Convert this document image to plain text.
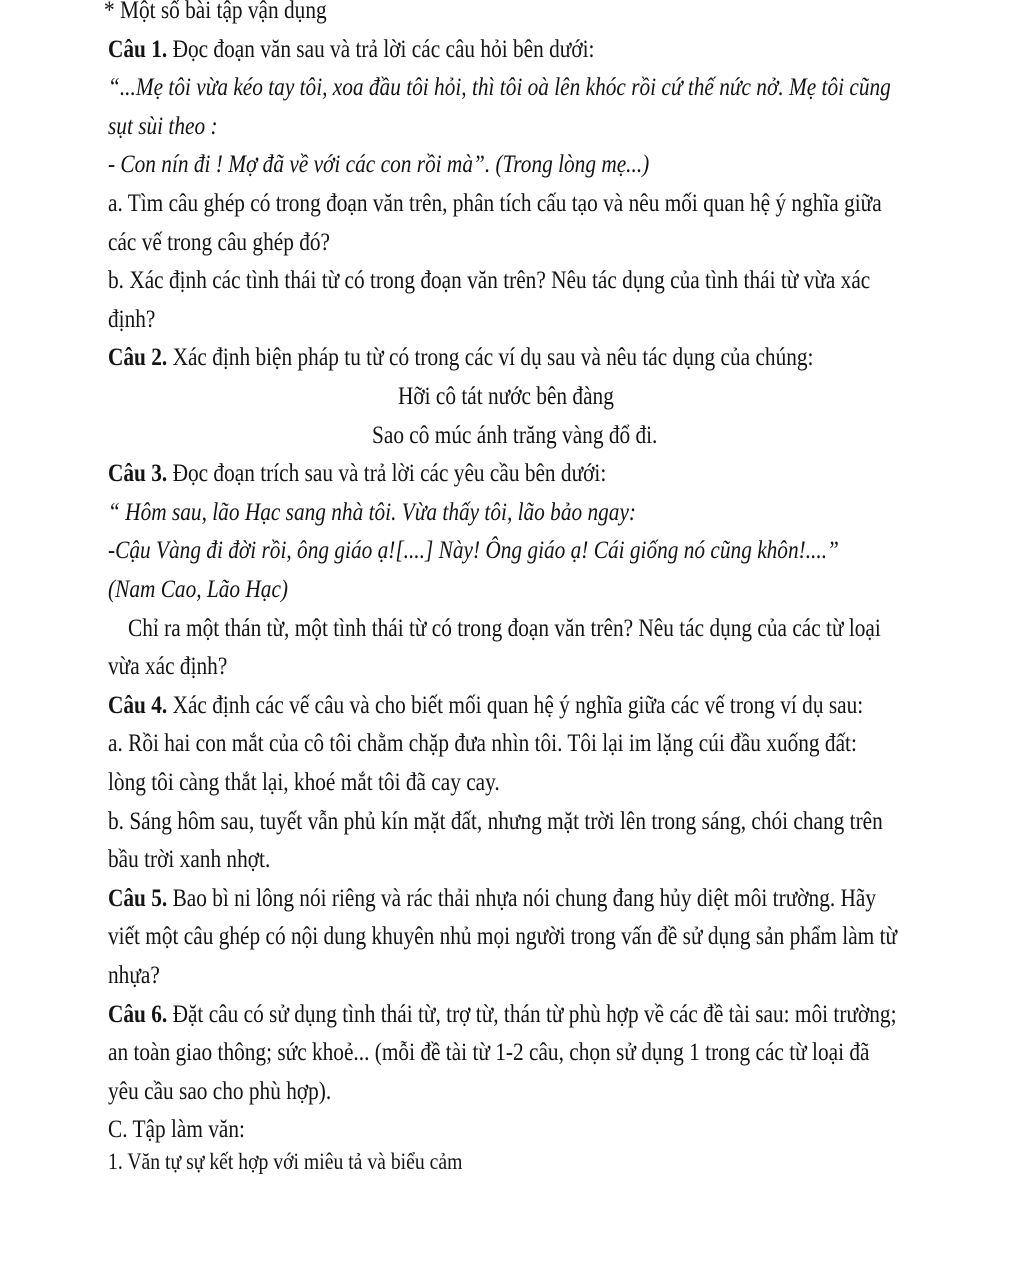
* Một số bài tập vận dụng
Câu 1. Đọc đoạn văn sau và trả lời các câu hỏi bên dưới:
“...Mẹ tôi vừa kéo tay tôi, xoa đầu tôi hỏi, thì tôi oà lên khóc rồi cứ thế nức nở. Mẹ tôi cũng
sụt sùi theo :
- Con nín đi ! Mợ đã về với các con rồi mà”. (Trong lòng mẹ...)
a. Tìm câu ghép có trong đoạn văn trên, phân tích cấu tạo và nêu mối quan hệ ý nghĩa giữa
các vế trong câu ghép đó?
b. Xác định các tình thái từ có trong đoạn văn trên? Nêu tác dụng của tình thái từ vừa xác
định?
Câu 2. Xác định biện pháp tu từ có trong các ví dụ sau và nêu tác dụng của chúng:
Hỡi cô tát nước bên đàng
Sao cô múc ánh trăng vàng đổ đi.
Câu 3. Đọc đoạn trích sau và trả lời các yêu cầu bên dưới:
“ Hôm sau, lão Hạc sang nhà tôi. Vừa thấy tôi, lão bảo ngay:
-Cậu Vàng đi đời rồi, ông giáo ạ![....] Này! Ông giáo ạ! Cái giống nó cũng khôn!....”
(Nam Cao, Lão Hạc)
Chỉ ra một thán từ, một tình thái từ có trong đoạn văn trên? Nêu tác dụng của các từ loại
vừa xác định?
Câu 4. Xác định các vế câu và cho biết mối quan hệ ý nghĩa giữa các vế trong ví dụ sau:
a. Rồi hai con mắt của cô tôi chằm chặp đưa nhìn tôi. Tôi lại im lặng cúi đầu xuống đất:
lòng tôi càng thắt lại, khoé mắt tôi đã cay cay.
b. Sáng hôm sau, tuyết vẫn phủ kín mặt đất, nhưng mặt trời lên trong sáng, chói chang trên
bầu trời xanh nhợt.
Câu 5. Bao bì ni lông nói riêng và rác thải nhựa nói chung đang hủy diệt môi trường. Hãy
viết một câu ghép có nội dung khuyên nhủ mọi người trong vấn đề sử dụng sản phẩm làm từ
nhựa?
Câu 6. Đặt câu có sử dụng tình thái từ, trợ từ, thán từ phù hợp về các đề tài sau: môi trường;
an toàn giao thông; sức khoẻ... (mỗi đề tài từ 1-2 câu, chọn sử dụng 1 trong các từ loại đã
yêu cầu sao cho phù hợp).
C. Tập làm văn:
1. Văn tự sự kết hợp với miêu tả và biểu cảm
